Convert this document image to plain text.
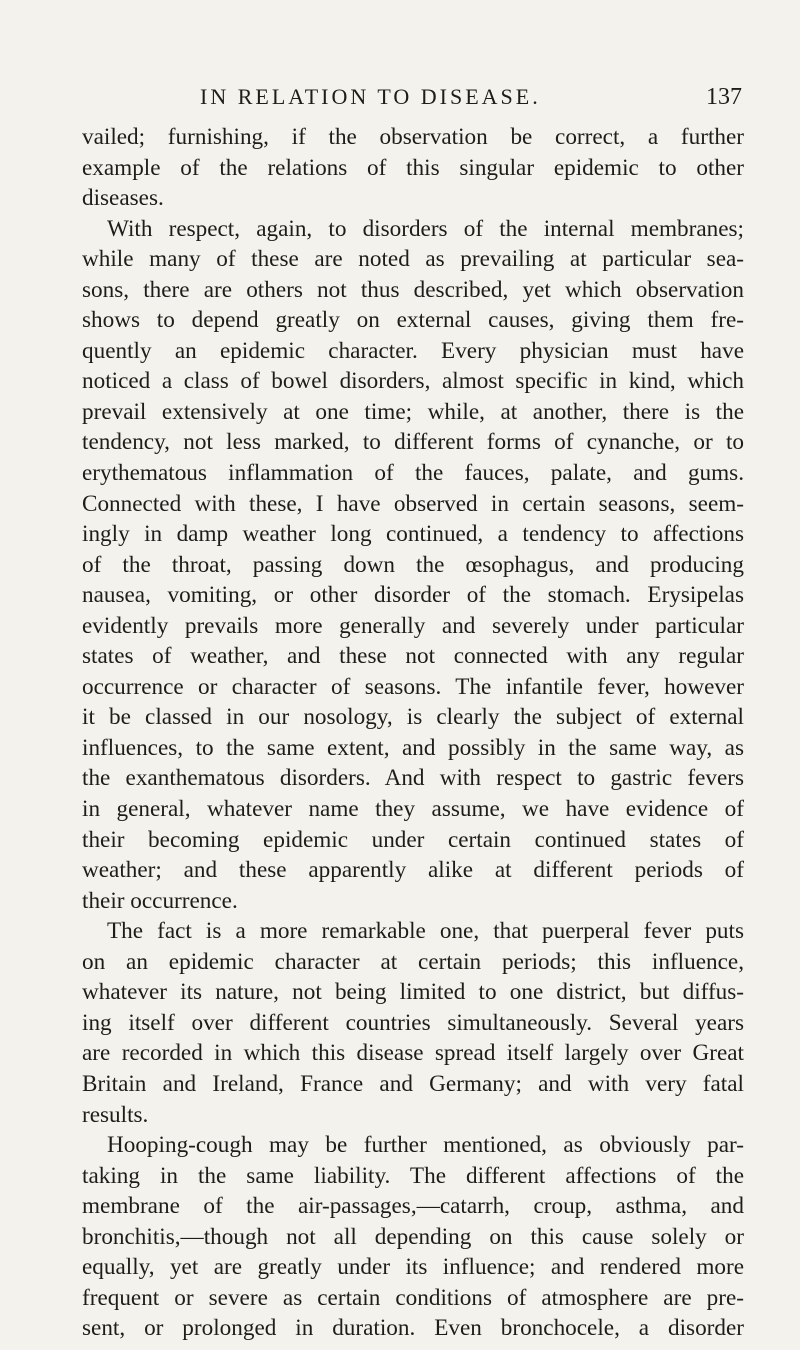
IN RELATION TO DISEASE.	137
vailed; furnishing, if the observation be correct, a further
example of the relations of this singular epidemic to other
diseases.
With respect, again, to disorders of the internal membranes;
while many of these are noted as prevailing at particular sea-
sons, there are others not thus described, yet which observation
shows to depend greatly on external causes, giving them fre-
quently an epidemic character. Every physician must have
noticed a class of bowel disorders, almost specific in kind, which
prevail extensively at one time; while, at another, there is the
tendency, not less marked, to different forms of cynanche, or to
erythematous inflammation of the fauces, palate, and gums.
Connected with these, I have observed in certain seasons, seem-
ingly in damp weather long continued, a tendency to affections
of the throat, passing down the œsophagus, and producing
nausea, vomiting, or other disorder of the stomach. Erysipelas
evidently prevails more generally and severely under particular
states of weather, and these not connected with any regular
occurrence or character of seasons. The infantile fever, however
it be classed in our nosology, is clearly the subject of external
influences, to the same extent, and possibly in the same way, as
the exanthematous disorders. And with respect to gastric fevers
in general, whatever name they assume, we have evidence of
their becoming epidemic under certain continued states of
weather; and these apparently alike at different periods of
their occurrence.
The fact is a more remarkable one, that puerperal fever puts
on an epidemic character at certain periods; this influence,
whatever its nature, not being limited to one district, but diffus-
ing itself over different countries simultaneously. Several years
are recorded in which this disease spread itself largely over Great
Britain and Ireland, France and Germany; and with very fatal
results.
Hooping-cough may be further mentioned, as obviously par-
taking in the same liability. The different affections of the
membrane of the air-passages,—catarrh, croup, asthma, and
bronchitis,—though not all depending on this cause solely or
equally, yet are greatly under its influence; and rendered more
frequent or severe as certain conditions of atmosphere are pre-
sent, or prolonged in duration. Even bronchocele, a disorder
